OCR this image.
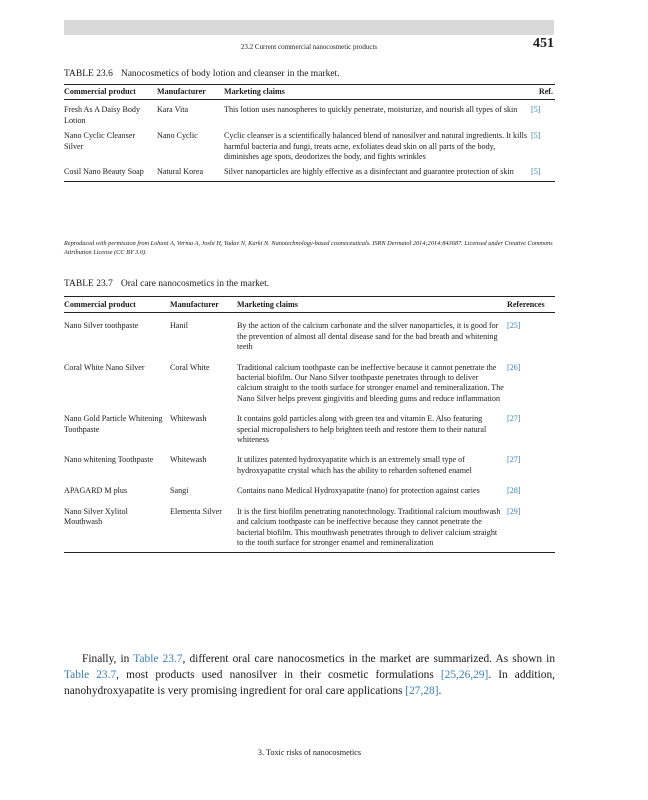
23.2 Current commercial nanocosmetic products	451
TABLE 23.6 Nanocosmetics of body lotion and cleanser in the market.
Commercial product	Manufacturer	Marketing claims	Ref.
Fresh As A Daisy Body Lotion	Kara Vita	This lotion uses nanospheres to quickly penetrate, moisturize, and nourish all types of skin	[5]
Nano Cyclic Cleanser Silver	Nano Cyclic	Cyclic cleanser is a scientifically balanced blend of nanosilver and natural ingredients. It kills harmful bacteria and fungi, treats acne, exfoliates dead skin on all parts of the body, diminishes age spots, deodorizes the body, and fights wrinkles	[5]
Cosil Nano Beauty Soap	Natural Korea	Silver nanoparticles are highly effective as a disinfectant and guarantee protection of skin	[5]
Reproduced with permission from Lohani A, Verma A, Joshi H, Yadav N, Karki N. Nanotechnology-based cosmeceuticals. ISRN Dermatol 2014;2014:843687. Licensed under Creative Commons Attribution License (CC BY 3.0).
TABLE 23.7 Oral care nanocosmetics in the market.
Commercial product	Manufacturer	Marketing claims	References
Nano Silver toothpaste	Hanil	By the action of the calcium carbonate and the silver nanoparticles, it is good for the prevention of almost all dental disease sand for the bad breath and whitening teeth	[25]
Coral White Nano Silver	Coral White	Traditional calcium toothpaste can be ineffective because it cannot penetrate the bacterial biofilm. Our Nano Silver toothpaste penetrates through to deliver calcium straight to the tooth surface for stronger enamel and remineralization. The Nano Silver helps prevent gingivitis and bleeding gums and reduce inflammation	[26]
Nano Gold Particle Whitening Toothpaste	Whitewash	It contains gold particles along with green tea and vitamin E. Also featuring special micropolishers to help brighten teeth and restore them to their natural whiteness	[27]
Nano whitening Toothpaste	Whitewash	It utilizes patented hydroxyapatite which is an extremely small type of hydroxyapatite crystal which has the ability to reharden softened enamel	[27]
APAGARD M plus	Sangi	Contains nano Medical Hydroxyapatite (nano) for protection against caries	[28]
Nano Silver Xylitol Mouthwash	Elementa Silver	It is the first biofilm penetrating nanotechnology. Traditional calcium mouthwash and calcium toothpaste can be ineffective because they cannot penetrate the bacterial biofilm. This mouthwash penetrates through to deliver calcium straight to the tooth surface for stronger enamel and remineralization	[29]
Finally, in Table 23.7, different oral care nanocosmetics in the market are summarized. As shown in Table 23.7, most products used nanosilver in their cosmetic formulations [25,26,29]. In addition, nanohydroxyapatite is very promising ingredient for oral care applications [27,28].
3. Toxic risks of nanocosmetics
